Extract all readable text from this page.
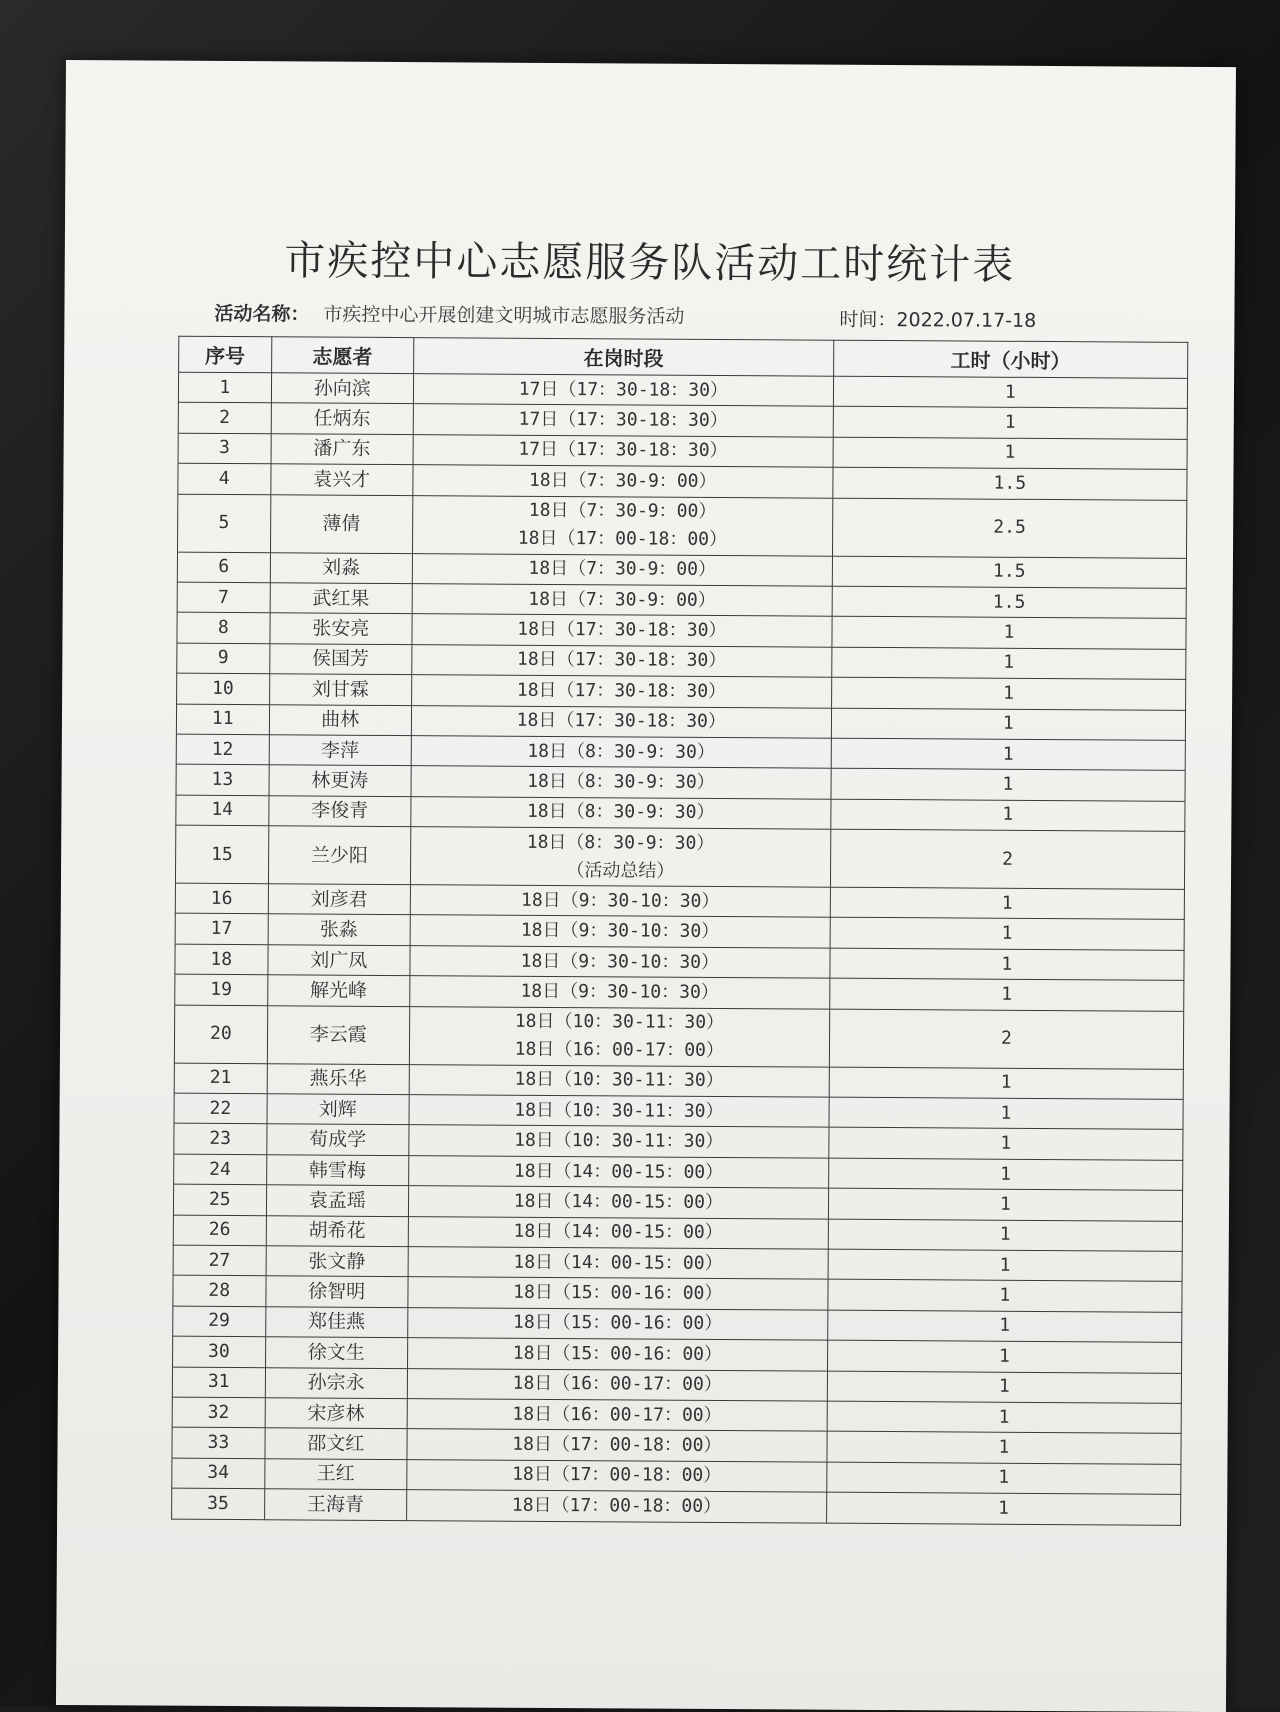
市疾控中心志愿服务队活动工时统计表
活动名称： 市疾控中心开展创建文明城市志愿服务活动	时间：2022.07.17-18
序号	志愿者	在岗时段	工时（小时）
1	孙向滨	17日（17：30-18：30）	1
2	任炳东	17日（17：30-18：30）	1
3	潘广东	17日（17：30-18：30）	1
4	袁兴才	18日（7：30-9：00）	1.5
5	薄倩	18日（7：30-9：00）
18日（17：00-18：00）	2.5
6	刘淼	18日（7：30-9：00）	1.5
7	武红果	18日（7：30-9：00）	1.5
8	张安亮	18日（17：30-18：30）	1
9	侯国芳	18日（17：30-18：30）	1
10	刘甘霖	18日（17：30-18：30）	1
11	曲林	18日（17：30-18：30）	1
12	李萍	18日（8：30-9：30）	1
13	林更涛	18日（8：30-9：30）	1
14	李俊青	18日（8：30-9：30）	1
15	兰少阳	18日（8：30-9：30）
（活动总结）	2
16	刘彦君	18日（9：30-10：30）	1
17	张淼	18日（9：30-10：30）	1
18	刘广凤	18日（9：30-10：30）	1
19	解光峰	18日（9：30-10：30）	1
20	李云霞	18日（10：30-11：30）
18日（16：00-17：00）	2
21	燕乐华	18日（10：30-11：30）	1
22	刘辉	18日（10：30-11：30）	1
23	荀成学	18日（10：30-11：30）	1
24	韩雪梅	18日（14：00-15：00）	1
25	袁孟瑶	18日（14：00-15：00）	1
26	胡希花	18日（14：00-15：00）	1
27	张文静	18日（14：00-15：00）	1
28	徐智明	18日（15：00-16：00）	1
29	郑佳燕	18日（15：00-16：00）	1
30	徐文生	18日（15：00-16：00）	1
31	孙宗永	18日（16：00-17：00）	1
32	宋彦林	18日（16：00-17：00）	1
33	邵文红	18日（17：00-18：00）	1
34	王红	18日（17：00-18：00）	1
35	王海青	18日（17：00-18：00）	1
